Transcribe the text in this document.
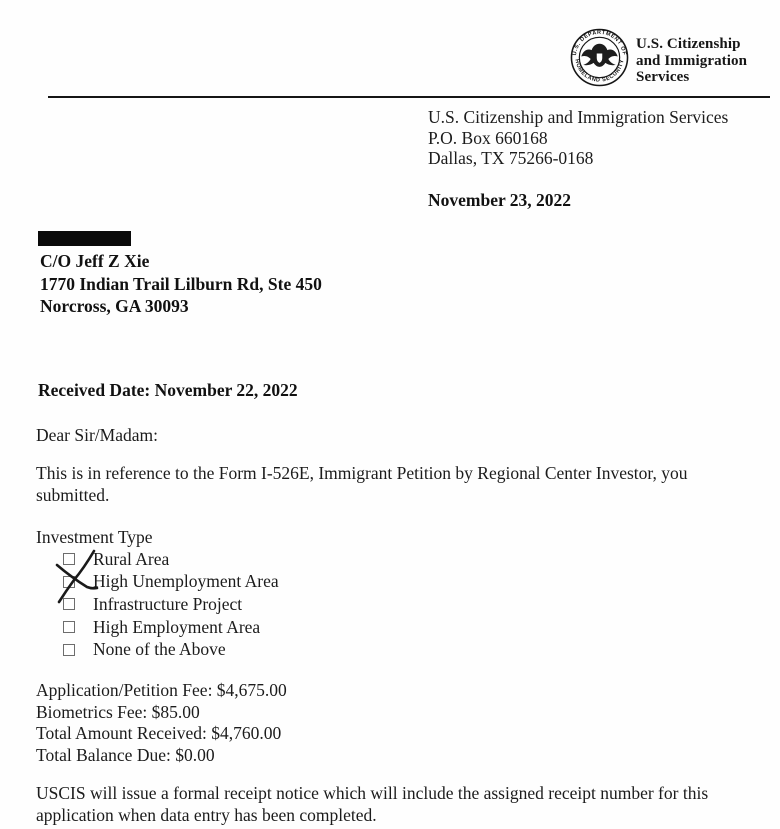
U.S. DEPARTMENT OF
HOMELAND SECURITY
U.S. Citizenship
and Immigration
Services
U.S. Citizenship and Immigration Services
P.O. Box 660168
Dallas, TX 75266-0168
November 23, 2022
C/O Jeff Z Xie
1770 Indian Trail Lilburn Rd, Ste 450
Norcross, GA 30093
Received Date: November 22, 2022
Dear Sir/Madam:
This is in reference to the Form I-526E, Immigrant Petition by Regional Center Investor, you submitted.
Investment Type
Rural Area
High Unemployment Area
Infrastructure Project
High Employment Area
None of the Above
Application/Petition Fee: $4,675.00
Biometrics Fee: $85.00
Total Amount Received: $4,760.00
Total Balance Due: $0.00
USCIS will issue a formal receipt notice which will include the assigned receipt number for this application when data entry has been completed.
